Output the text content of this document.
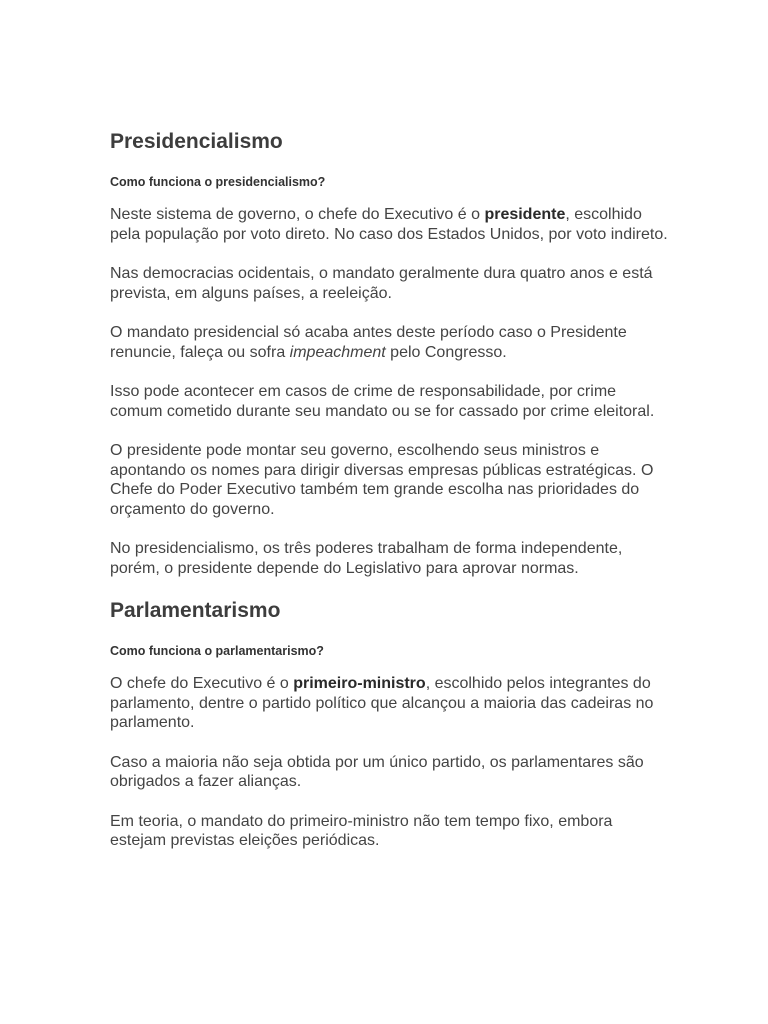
Presidencialismo
Como funciona o presidencialismo?

Neste sistema de governo, o chefe do Executivo é o presidente, escolhido pela população por voto direto. No caso dos Estados Unidos, por voto indireto.

Nas democracias ocidentais, o mandato geralmente dura quatro anos e está prevista, em alguns países, a reeleição.

O mandato presidencial só acaba antes deste período caso o Presidente renuncie, faleça ou sofra impeachment pelo Congresso.

Isso pode acontecer em casos de crime de responsabilidade, por crime comum cometido durante seu mandato ou se for cassado por crime eleitoral.

O presidente pode montar seu governo, escolhendo seus ministros e apontando os nomes para dirigir diversas empresas públicas estratégicas. O Chefe do Poder Executivo também tem grande escolha nas prioridades do orçamento do governo.

No presidencialismo, os três poderes trabalham de forma independente, porém, o presidente depende do Legislativo para aprovar normas.

Parlamentarismo
Como funciona o parlamentarismo?

O chefe do Executivo é o primeiro-ministro, escolhido pelos integrantes do parlamento, dentre o partido político que alcançou a maioria das cadeiras no parlamento.

Caso a maioria não seja obtida por um único partido, os parlamentares são obrigados a fazer alianças.

Em teoria, o mandato do primeiro-ministro não tem tempo fixo, embora estejam previstas eleições periódicas.
